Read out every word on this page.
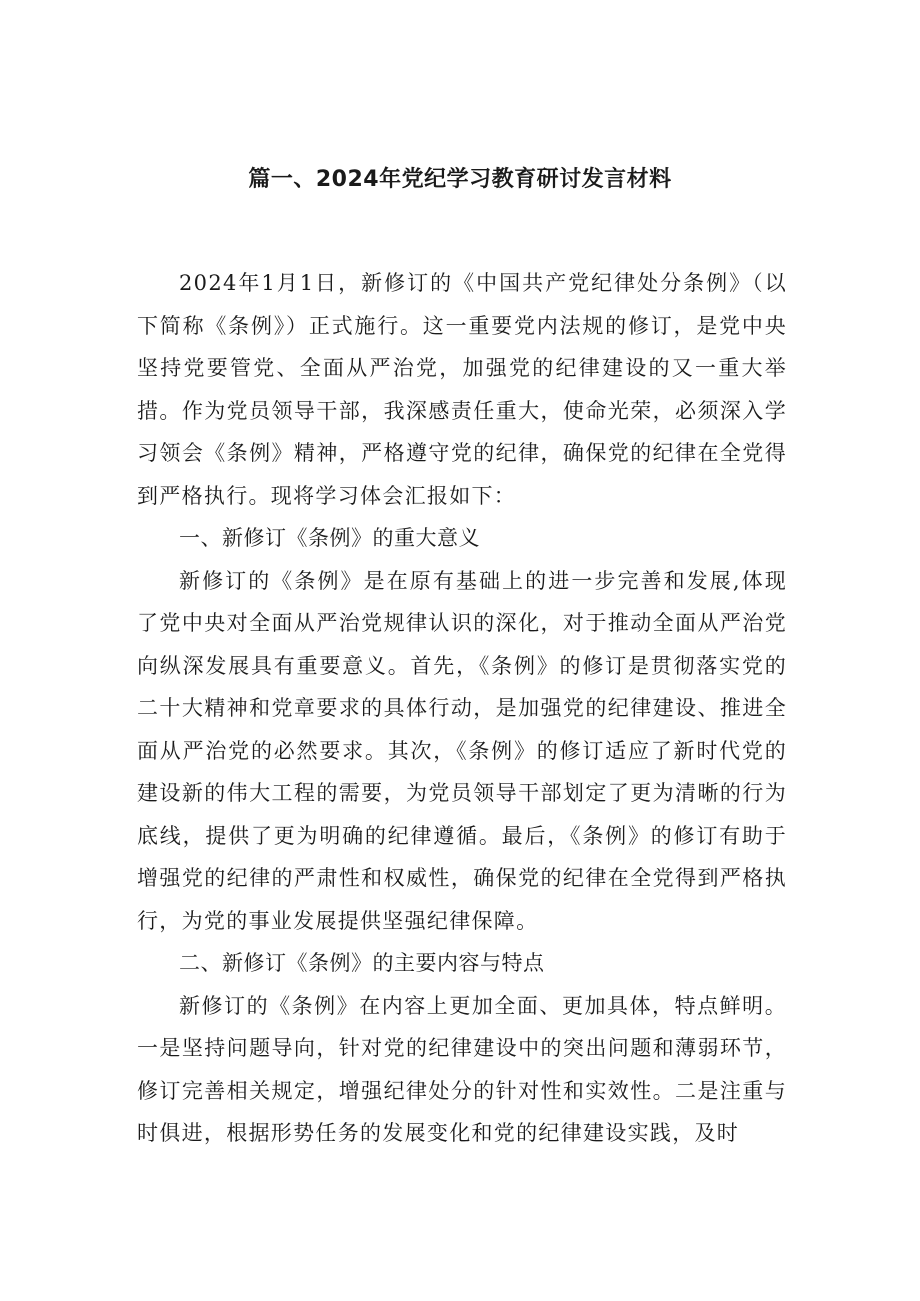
篇一、2024年党纪学习教育研讨发言材料

2024年1月1日，新修订的《中国共产党纪律处分条例》（以下简称《条例》）正式施行。这一重要党内法规的修订，是党中央坚持党要管党、全面从严治党，加强党的纪律建设的又一重大举措。作为党员领导干部，我深感责任重大，使命光荣，必须深入学习领会《条例》精神，严格遵守党的纪律，确保党的纪律在全党得到严格执行。现将学习体会汇报如下：

一、新修订《条例》的重大意义

新修订的《条例》是在原有基础上的进一步完善和发展,体现了党中央对全面从严治党规律认识的深化，对于推动全面从严治党向纵深发展具有重要意义。首先，《条例》的修订是贯彻落实党的二十大精神和党章要求的具体行动，是加强党的纪律建设、推进全面从严治党的必然要求。其次，《条例》的修订适应了新时代党的建设新的伟大工程的需要，为党员领导干部划定了更为清晰的行为底线，提供了更为明确的纪律遵循。最后，《条例》的修订有助于增强党的纪律的严肃性和权威性，确保党的纪律在全党得到严格执行，为党的事业发展提供坚强纪律保障。

二、新修订《条例》的主要内容与特点

新修订的《条例》在内容上更加全面、更加具体，特点鲜明。一是坚持问题导向，针对党的纪律建设中的突出问题和薄弱环节，修订完善相关规定，增强纪律处分的针对性和实效性。二是注重与时俱进，根据形势任务的发展变化和党的纪律建设实践，及时
